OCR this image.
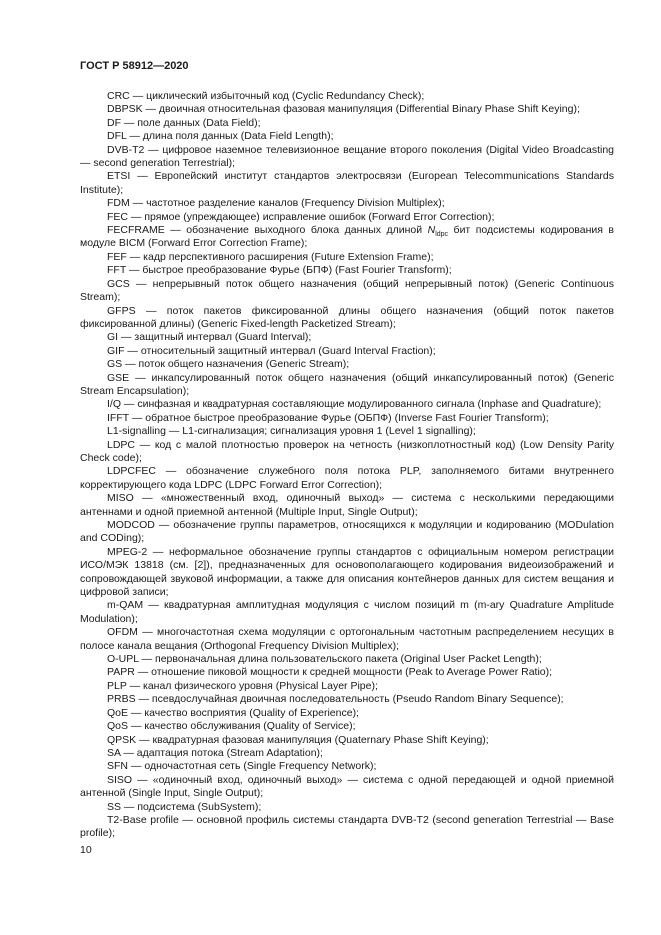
ГОСТ Р 58912—2020

CRC — циклический избыточный код (Cyclic Redundancy Check);

DBPSK — двоичная относительная фазовая манипуляция (Differential Binary Phase Shift Keying);

DF — поле данных (Data Field);

DFL — длина поля данных (Data Field Length);

DVB-T2 — цифровое наземное телевизионное вещание второго поколения (Digital Video Broadcasting — second generation Terrestrial);

ETSI — Европейский институт стандартов электросвязи (European Telecommunications Standards Institute);

FDM — частотное разделение каналов (Frequency Division Multiplex);

FEC — прямое (упреждающее) исправление ошибок (Forward Error Correction);

FECFRAME — обозначение выходного блока данных длиной $N_{ldpc}$ бит подсистемы кодирования в модуле BICM (Forward Error Correction Frame);

FEF — кадр перспективного расширения (Future Extension Frame);

FFT — быстрое преобразование Фурье (БПФ) (Fast Fourier Transform);

GCS — непрерывный поток общего назначения (общий непрерывный поток) (Generic Continuous Stream);

GFPS — поток пакетов фиксированной длины общего назначения (общий поток пакетов фиксированной длины) (Generic Fixed-length Packetized Stream);

GI — защитный интервал (Guard Interval);

GIF — относительный защитный интервал (Guard Interval Fraction);

GS — поток общего назначения (Generic Stream);

GSE — инкапсулированный поток общего назначения (общий инкапсулированный поток) (Generic Stream Encapsulation);

I/Q — синфазная и квадратурная составляющие модулированного сигнала (Inphase and Quadrature);

IFFT — обратное быстрое преобразование Фурье (ОБПФ) (Inverse Fast Fourier Transform);

L1-signalling — L1-сигнализация; сигнализация уровня 1 (Level 1 signalling);

LDPC — код с малой плотностью проверок на четность (низкоплотностный код) (Low Density Parity Check code);

LDPCFEC — обозначение служебного поля потока PLP, заполняемого битами внутреннего корректирующего кода LDPC (LDPC Forward Error Correction);

MISO — «множественный вход, одиночный выход» — система с несколькими передающими антеннами и одной приемной антенной (Multiple Input, Single Output);

MODCOD — обозначение группы параметров, относящихся к модуляции и кодированию (MODulation and CODing);

MPEG-2 — неформальное обозначение группы стандартов с официальным номером регистрации ИСО/МЭК 13818 (см. [2]), предназначенных для основополагающего кодирования видеоизображений и сопровождающей звуковой информации, а также для описания контейнеров данных для систем вещания и цифровой записи;

m-QAM — квадратурная амплитудная модуляция с числом позиций m (m-ary Quadrature Amplitude Modulation);

OFDM — многочастотная схема модуляции с ортогональным частотным распределением несущих в полосе канала вещания (Orthogonal Frequency Division Multiplex);

O-UPL — первоначальная длина пользовательского пакета (Original User Packet Length);

PAPR — отношение пиковой мощности к средней мощности (Peak to Average Power Ratio);

PLP — канал физического уровня (Physical Layer Pipe);

PRBS — псевдослучайная двоичная последовательность (Pseudo Random Binary Sequence);

QoE — качество восприятия (Quality of Experience);

QoS — качество обслуживания (Quality of Service);

QPSK — квадратурная фазовая манипуляция (Quaternary Phase Shift Keying);

SA — адаптация потока (Stream Adaptation);

SFN — одночастотная сеть (Single Frequency Network);

SISO — «одиночный вход, одиночный выход» — система с одной передающей и одной приемной антенной (Single Input, Single Output);

SS — подсистема (SubSystem);

T2-Base profile — основной профиль системы стандарта DVB-T2 (second generation Terrestrial — Base profile);

10
